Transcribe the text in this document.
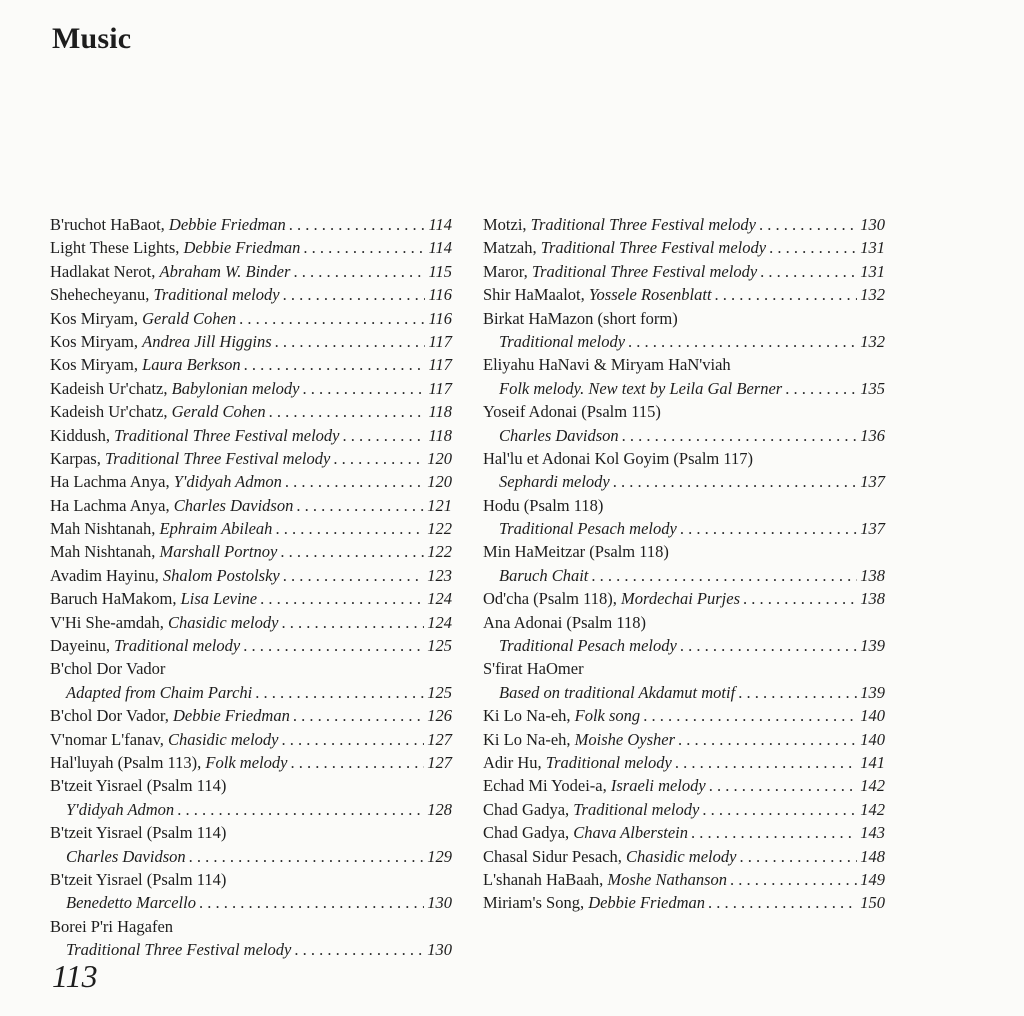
Music
B'ruchot HaBaot, Debbie Friedman . . .	114
Light These Lights, Debbie Friedman . . .	114
Hadlakat Nerot, Abraham W. Binder . . .	115
Shehecheyanu, Traditional melody . . .	116
Kos Miryam, Gerald Cohen . . .	116
Kos Miryam, Andrea Jill Higgins . . .	117
Kos Miryam, Laura Berkson . . .	117
Kadeish Ur'chatz, Babylonian melody . . .	117
Kadeish Ur'chatz, Gerald Cohen . . .	118
Kiddush, Traditional Three Festival melody . . .	118
Karpas, Traditional Three Festival melody . . .	120
Ha Lachma Anya, Y'didyah Admon . . .	120
Ha Lachma Anya, Charles Davidson . . .	121
Mah Nishtanah, Ephraim Abileah . . .	122
Mah Nishtanah, Marshall Portnoy . . .	122
Avadim Hayinu, Shalom Postolsky . . .	123
Baruch HaMakom, Lisa Levine . . .	124
V'Hi She-amdah, Chasidic melody . . .	124
Dayeinu, Traditional melody . . .	125
B'chol Dor Vador
Adapted from Chaim Parchi . . .	125
B'chol Dor Vador, Debbie Friedman . . .	126
V'nomar L'fanav, Chasidic melody . . .	127
Hal'luyah (Psalm 113), Folk melody . . .	127
B'tzeit Yisrael (Psalm 114)
Y'didyah Admon . . .	128
B'tzeit Yisrael (Psalm 114)
Charles Davidson . . .	129
B'tzeit Yisrael (Psalm 114)
Benedetto Marcello . . .	130
Borei P'ri Hagafen
Traditional Three Festival melody . . .	130
Motzi, Traditional Three Festival melody . . .	130
Matzah, Traditional Three Festival melody . . .	131
Maror, Traditional Three Festival melody . . .	131
Shir HaMaalot, Yossele Rosenblatt . . .	132
Birkat HaMazon (short form)
Traditional melody . . .	132
Eliyahu HaNavi & Miryam HaN'viah
Folk melody. New text by Leila Gal Berner . . .	135
Yoseif Adonai (Psalm 115)
Charles Davidson . . .	136
Hal'lu et Adonai Kol Goyim (Psalm 117)
Sephardi melody . . .	137
Hodu (Psalm 118)
Traditional Pesach melody . . .	137
Min HaMeitzar (Psalm 118)
Baruch Chait . . .	138
Od'cha (Psalm 118), Mordechai Purjes . . .	138
Ana Adonai (Psalm 118)
Traditional Pesach melody . . .	139
S'firat HaOmer
Based on traditional Akdamut motif . . .	139
Ki Lo Na-eh, Folk song . . .	140
Ki Lo Na-eh, Moishe Oysher . . .	140
Adir Hu, Traditional melody . . .	141
Echad Mi Yodei-a, Israeli melody . . .	142
Chad Gadya, Traditional melody . . .	142
Chad Gadya, Chava Alberstein . . .	143
Chasal Sidur Pesach, Chasidic melody . . .	148
L'shanah HaBaah, Moshe Nathanson . . .	149
Miriam's Song, Debbie Friedman . . .	150
113
